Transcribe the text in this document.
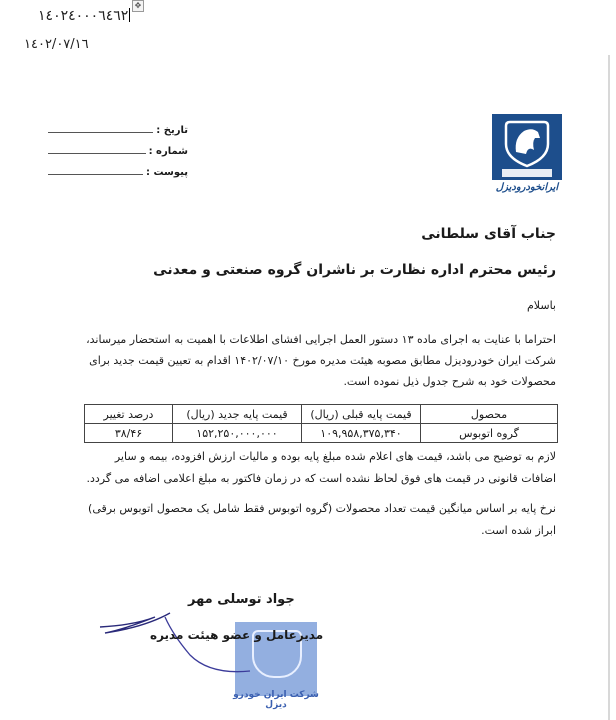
۱٤۰۲٤۰۰۰٦٤٦٢
✥
۱٤۰۲/۰۷/۱٦
تاریخ :
شماره :
پیوست :
ایرانخودرودیزل
جناب آقای سلطانی
رئیس محترم اداره نظارت بر ناشران گروه صنعتی و معدنی
باسلام
احتراما با عنایت به اجرای ماده ۱۳ دستور العمل اجرایی افشای اطلاعات با اهمیت به استحضار میرساند، شرکت ایران خودرودیزل مطابق مصوبه هیئت مدیره مورخ ۱۴۰۲/۰۷/۱۰ اقدام به تعیین قیمت جدید برای محصولات خود به شرح جدول ذیل نموده است.
محصول	قیمت پایه قبلی (ریال)	قیمت پایه جدید (ریال)	درصد تغییر
گروه اتوبوس	۱۰۹,۹۵۸,۳۷۵,۳۴۰	۱۵۲,۲۵۰,۰۰۰,۰۰۰	۳۸/۴۶
لازم به توضیح می باشد، قیمت های اعلام شده مبلغ پایه بوده و مالیات ارزش افزوده، بیمه و سایر اضافات قانونی در قیمت های فوق لحاظ نشده است که در زمان فاکتور به مبلغ اعلامی اضافه می گردد.
نرخ پایه بر اساس میانگین قیمت تعداد محصولات (گروه اتوبوس فقط شامل یک محصول اتوبوس برقی) ابراز شده است.
شرکت ایران خودرو دیزل
جواد توسلی مهر
مدیرعامل و عضو هیئت مدیره
